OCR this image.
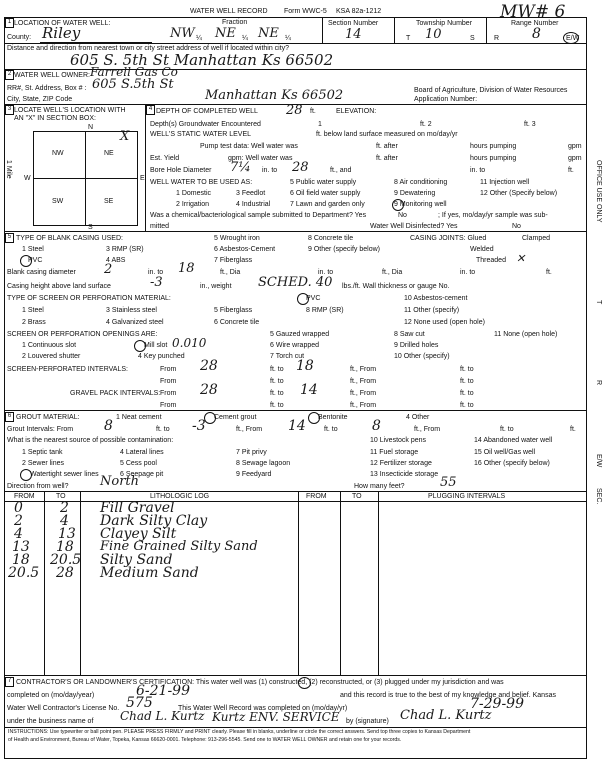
WATER WELL RECORD Form WWC-5 KSA 82a-1212	MW# 6
1 LOCATION OF WATER WELL:
County: Riley
Fraction
NW ¼ NE ¼ NE ¼
Section Number
14
Township Number
T 10	S
Range Number
R 8	E/W
Distance and direction from nearest town or city street address of well if located within city?
605 S. 5th St Manhattan Ks 66502
2 WATER WELL OWNER: Farrell Gas Co
RR#, St. Address, Box # : 605 S.5th St
City, State, ZIP Code	Manhattan Ks 66502	Board of Agriculture, Division of Water Resources
Application Number:
3 LOCATE WELL'S LOCATION WITH
AN "X" IN SECTION BOX:
N
S
W	E
1 Mile
NW	NE
SW	SE
X
4 DEPTH OF COMPLETED WELL 28 ft.	ELEVATION:
Depth(s) Groundwater Encountered	1	ft. 2	ft. 3
WELL'S STATIC WATER LEVEL	ft. below land surface measured on mo/day/yr
Pump test data: Well water was	ft. after	hours pumping	gpm
Est. Yield	gpm: Well water was	ft. after	hours pumping	gpm
Bore Hole Diameter 7¼ in. to 28	ft., and	in. to	ft.
WELL WATER TO BE USED AS:	5 Public water supply	8 Air conditioning	11 Injection well
1 Domestic	3 Feedlot	6 Oil field water supply	9 Dewatering	12 Other (Specify below)
2 Irrigation	4 Industrial	7 Lawn and garden only	9 Monitoring well
Was a chemical/bacteriological sample submitted to Department? Yes	No	; If yes, mo/day/yr sample was sub-
mitted	Water Well Disinfected? Yes	No
5 TYPE OF BLANK CASING USED:	5 Wrought iron	8 Concrete tile	CASING JOINTS: Glued	Clamped
1 Steel	3 RMP (SR)	6 Asbestos-Cement	9 Other (specify below)	Welded
PVC	4 ABS	7 Fiberglass	Threaded ✕
Blank casing diameter 2	in. to 18	ft., Dia	in. to	ft., Dia	in. to	ft.
Casing height above land surface	-3	in., weight SCHED. 40 lbs./ft. Wall thickness or gauge No.
TYPE OF SCREEN OR PERFORATION MATERIAL:	PVC	10 Asbestos-cement
1 Steel	3 Stainless steel	5 Fiberglass	8 RMP (SR)	11 Other (specify)
2 Brass	4 Galvanized steel	6 Concrete tile	12 None used (open hole)
SCREEN OR PERFORATION OPENINGS ARE:	5 Gauzed wrapped	8 Saw cut	11 None (open hole)
1 Continuous slot	Mill slot 0.010	6 Wire wrapped	9 Drilled holes
2 Louvered shutter	4 Key punched	7 Torch cut	10 Other (specify)
SCREEN-PERFORATED INTERVALS:	From 28	ft. to 18	ft., From	ft. to
From	ft. to	ft., From	ft. to
GRAVEL PACK INTERVALS: From 28	ft. to 14	ft., From	ft. to
From	ft. to	ft., From	ft. to
6 GROUT MATERIAL:	1 Neat cement	Cement grout	Bentonite	4 Other
Grout Intervals: From 8	ft. to -3	ft., From 14	ft. to 8	ft., From	ft. to	ft.
What is the nearest source of possible contamination:	10 Livestock pens	14 Abandoned water well
1 Septic tank	4 Lateral lines	7 Pit privy	11 Fuel storage	15 Oil well/Gas well
2 Sewer lines	5 Cess pool	8 Sewage lagoon	12 Fertilizer storage	16 Other (specify below)
Watertight sewer lines	6 Seepage pit	9 Feedyard	13 Insecticide storage
Direction from well? North	How many feet?	55
FROM	TO	LITHOLOGIC LOG	FROM	TO	PLUGGING INTERVALS
0	2 Fill Gravel
2	4 Dark Silty Clay
4	13 Clayey Silt
13 18 Fine Grained Silty Sand
18 20.5 Silty Sand
20.5 28 Medium Sand
7 CONTRACTOR'S OR LANDOWNER'S CERTIFICATION: This water well was (1) constructed, (2) reconstructed, or (3) plugged under my jurisdiction and was
completed on (mo/day/year)	6-21-99	and this record is true to the best of my knowledge and belief. Kansas
Water Well Contractor's License No. 575	This Water Well Record was completed on (mo/day/yr)	7-29-99
under the business name of Chad L. Kurtz Kurtz ENV. SERVICE by (signature) Chad L. Kurtz
INSTRUCTIONS: Use typewriter or ball point pen. PLEASE PRESS FIRMLY and PRINT clearly. Please fill in blanks, underline or circle the correct answers. Send top three copies to Kansas Department
of Health and Environment, Bureau of Water, Topeka, Kansas 66620-0001. Telephone: 913-296-5545. Send one to WATER WELL OWNER and retain one for your records.
OFFICE USE ONLY
T
R
E/W
SEC.
